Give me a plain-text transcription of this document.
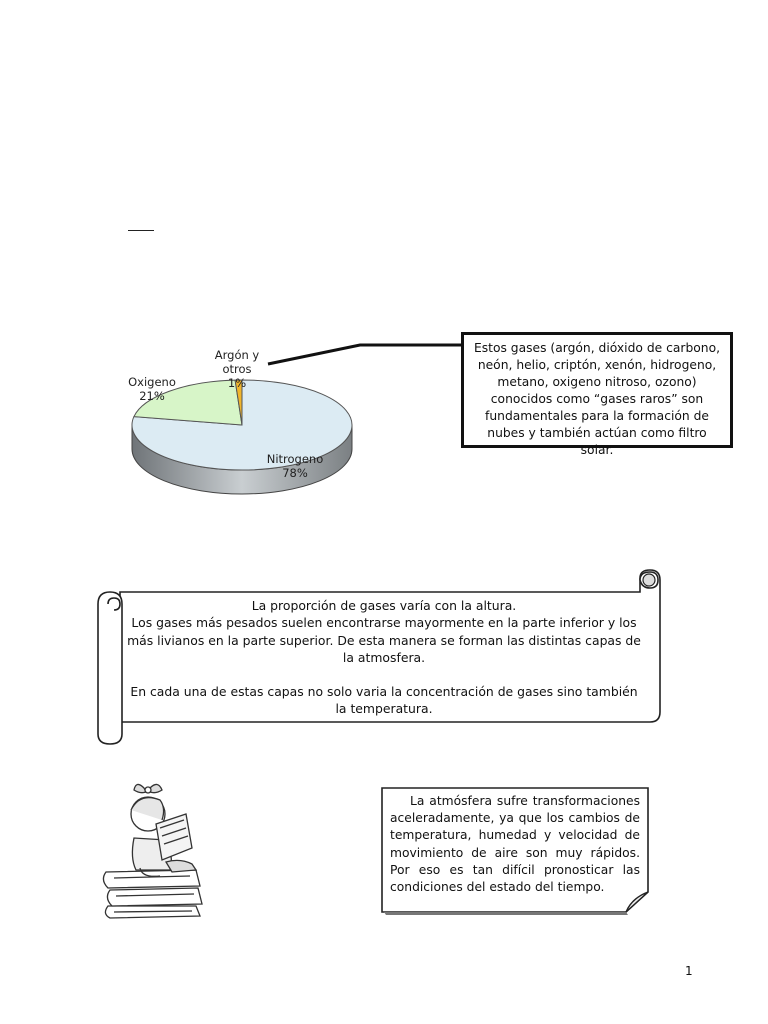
Argón y
otros
1%
Oxigeno
21%
Nitrogeno
78%
Estos gases (argón, dióxido de carbono, neón, helio, criptón, xenón, hidrogeno, metano, oxigeno nitroso, ozono) conocidos como “gases raros” son fundamentales para la formación de nubes y también actúan como filtro solar.

La proporción de gases varía con la altura.

Los gases más pesados suelen encontrarse mayormente en la parte inferior y los más livianos en la parte superior. De esta manera se forman las distintas capas de la atmosfera.

En cada una de estas capas no solo varia la concentración de gases sino también la temperatura.

La atmósfera sufre transformaciones aceleradamente, ya que los cambios de temperatura, humedad y velocidad de movimiento de aire son muy rápidos. Por eso es tan difícil pronosticar las condiciones del estado del tiempo.
1
